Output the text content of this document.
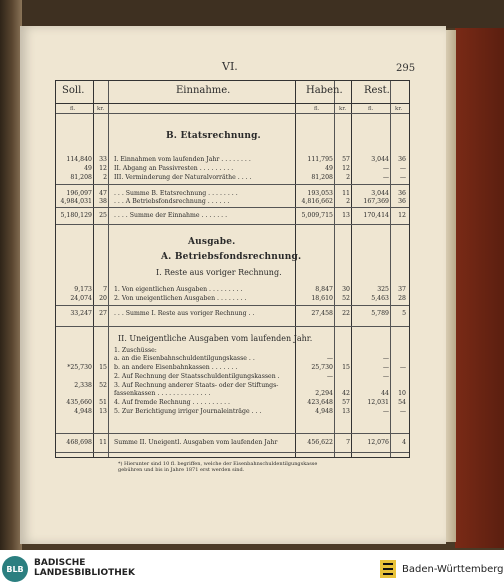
VI.	295
Soll.	Einnahme.	Haben. Rest.
fl.	kr.	fl.	kr.	fl.	kr.
B. Etatsrechnung.
Ausgabe.
A. Betriebsfondsrechnung.
I. Reste aus voriger Rechnung.
II. Uneigentliche Ausgaben vom laufenden Jahr.
114,840	33 I. Einnahmen vom laufenden Jahr . . . . . . . .	111,795	57	3,044	36
49	12 II. Abgang an Passivresten . . . . . . . . .	49	12	—	—
81,208	2 III. Verminderung der Naturalvorräthe . . . .	81,208	2	—	—
196,097	47 . . . Summe B. Etatsrechnung . . . . . . . .	193,053	11	3,044	36
4,984,031	38 . . . A Betriebsfondsrechnung . . . . . .	4,816,662	2	167,369	36
5,180,129	25 . . . . Summe der Einnahme . . . . . . .	5,009,715	13	170,414	12
9,173	7 1. Von eigentlichen Ausgaben . . . . . . . . .	8,847	30	325	37
24,074	20 2. Von uneigentlichen Ausgaben . . . . . . . .	18,610	52	5,463	28
33,247	27 . . . Summe I. Reste aus voriger Rechnung . .	27,458	22	5,789	5
1. Zuschüsse:
a. an die Eisenbahnschuldentilgungskasse . .	—	—
*25,730	15 b. an andere Eisenbahnkassen . . . . . . .	25,730	15	—	—
2. Auf Rechnung der Staatsschuldentilgungskassen .	—	—
2,338	52 3. Auf Rechnung anderer Staats- oder der Stiftungs-
fassenkassen . . . . . . . . . . . . . .	2,294	42	44	10
435,660	51 4. Auf fremde Rechnung . . . . . . . . . .	423,648	57	12,031	54
4,948	13 5. Zur Berichtigung irriger Journaleinträge . . .	4,948	13	—	—
468,698	11 Summe II. Uneigentl. Ausgaben vom laufenden Jahr	456,622	7	12,076	4
*) Hierunter sind 10 fl. begriffen, welche der Eisenbahnschuldentilgungskasse gebühren und bis in Jahre 1871 erst werden sind.
BLB
BADISCHE
LANDESBIBLIOTHEK	Baden-Württemberg
